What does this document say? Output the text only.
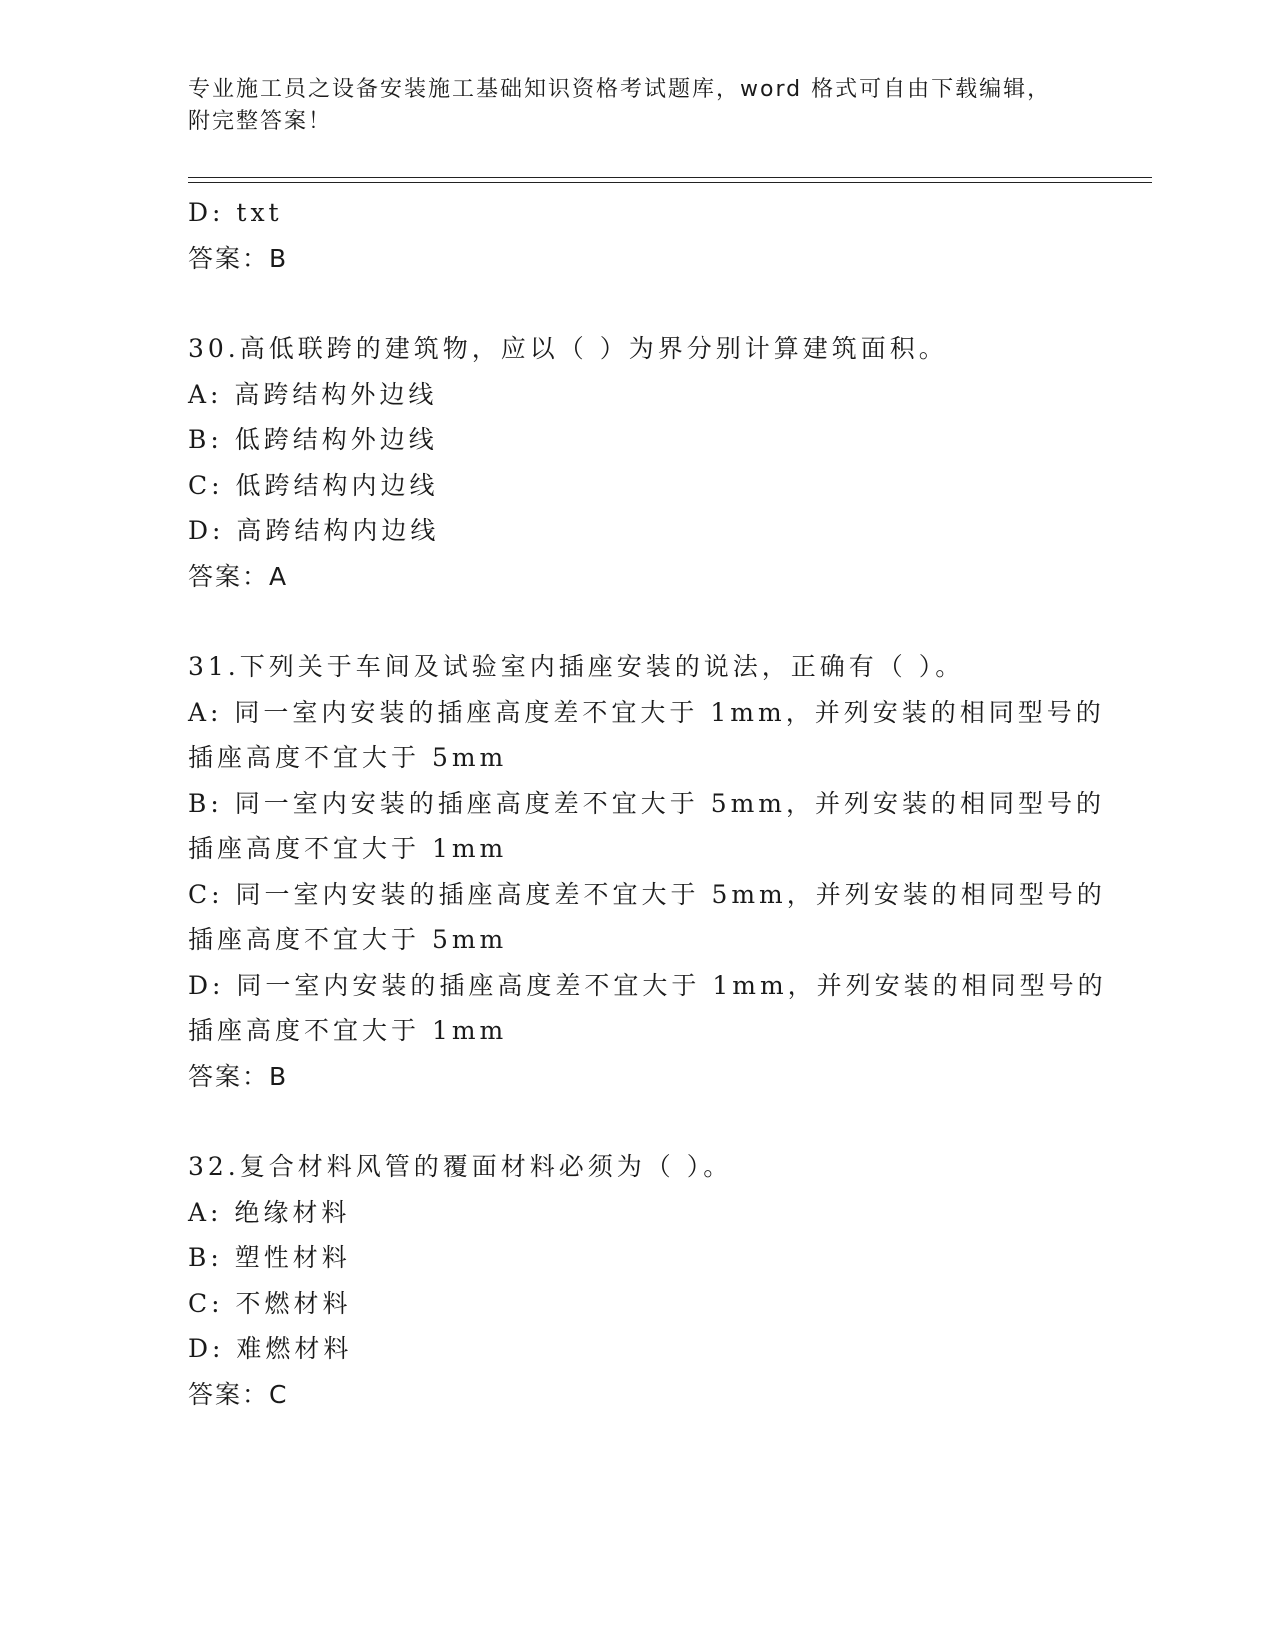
专业施工员之设备安装施工基础知识资格考试题库，word 格式可自由下载编辑，
附完整答案！
D: txt
答案：B
30.高低联跨的建筑物，应以（ ）为界分别计算建筑面积。
A: 高跨结构外边线
B: 低跨结构外边线
C: 低跨结构内边线
D: 高跨结构内边线
答案：A
31.下列关于车间及试验室内插座安装的说法，正确有（ ）。
A: 同一室内安装的插座高度差不宜大于 1mm，并列安装的相同型号的
插座高度不宜大于 5mm
B: 同一室内安装的插座高度差不宜大于 5mm，并列安装的相同型号的
插座高度不宜大于 1mm
C: 同一室内安装的插座高度差不宜大于 5mm，并列安装的相同型号的
插座高度不宜大于 5mm
D: 同一室内安装的插座高度差不宜大于 1mm，并列安装的相同型号的
插座高度不宜大于 1mm
答案：B
32.复合材料风管的覆面材料必须为（ ）。
A: 绝缘材料
B: 塑性材料
C: 不燃材料
D: 难燃材料
答案：C
